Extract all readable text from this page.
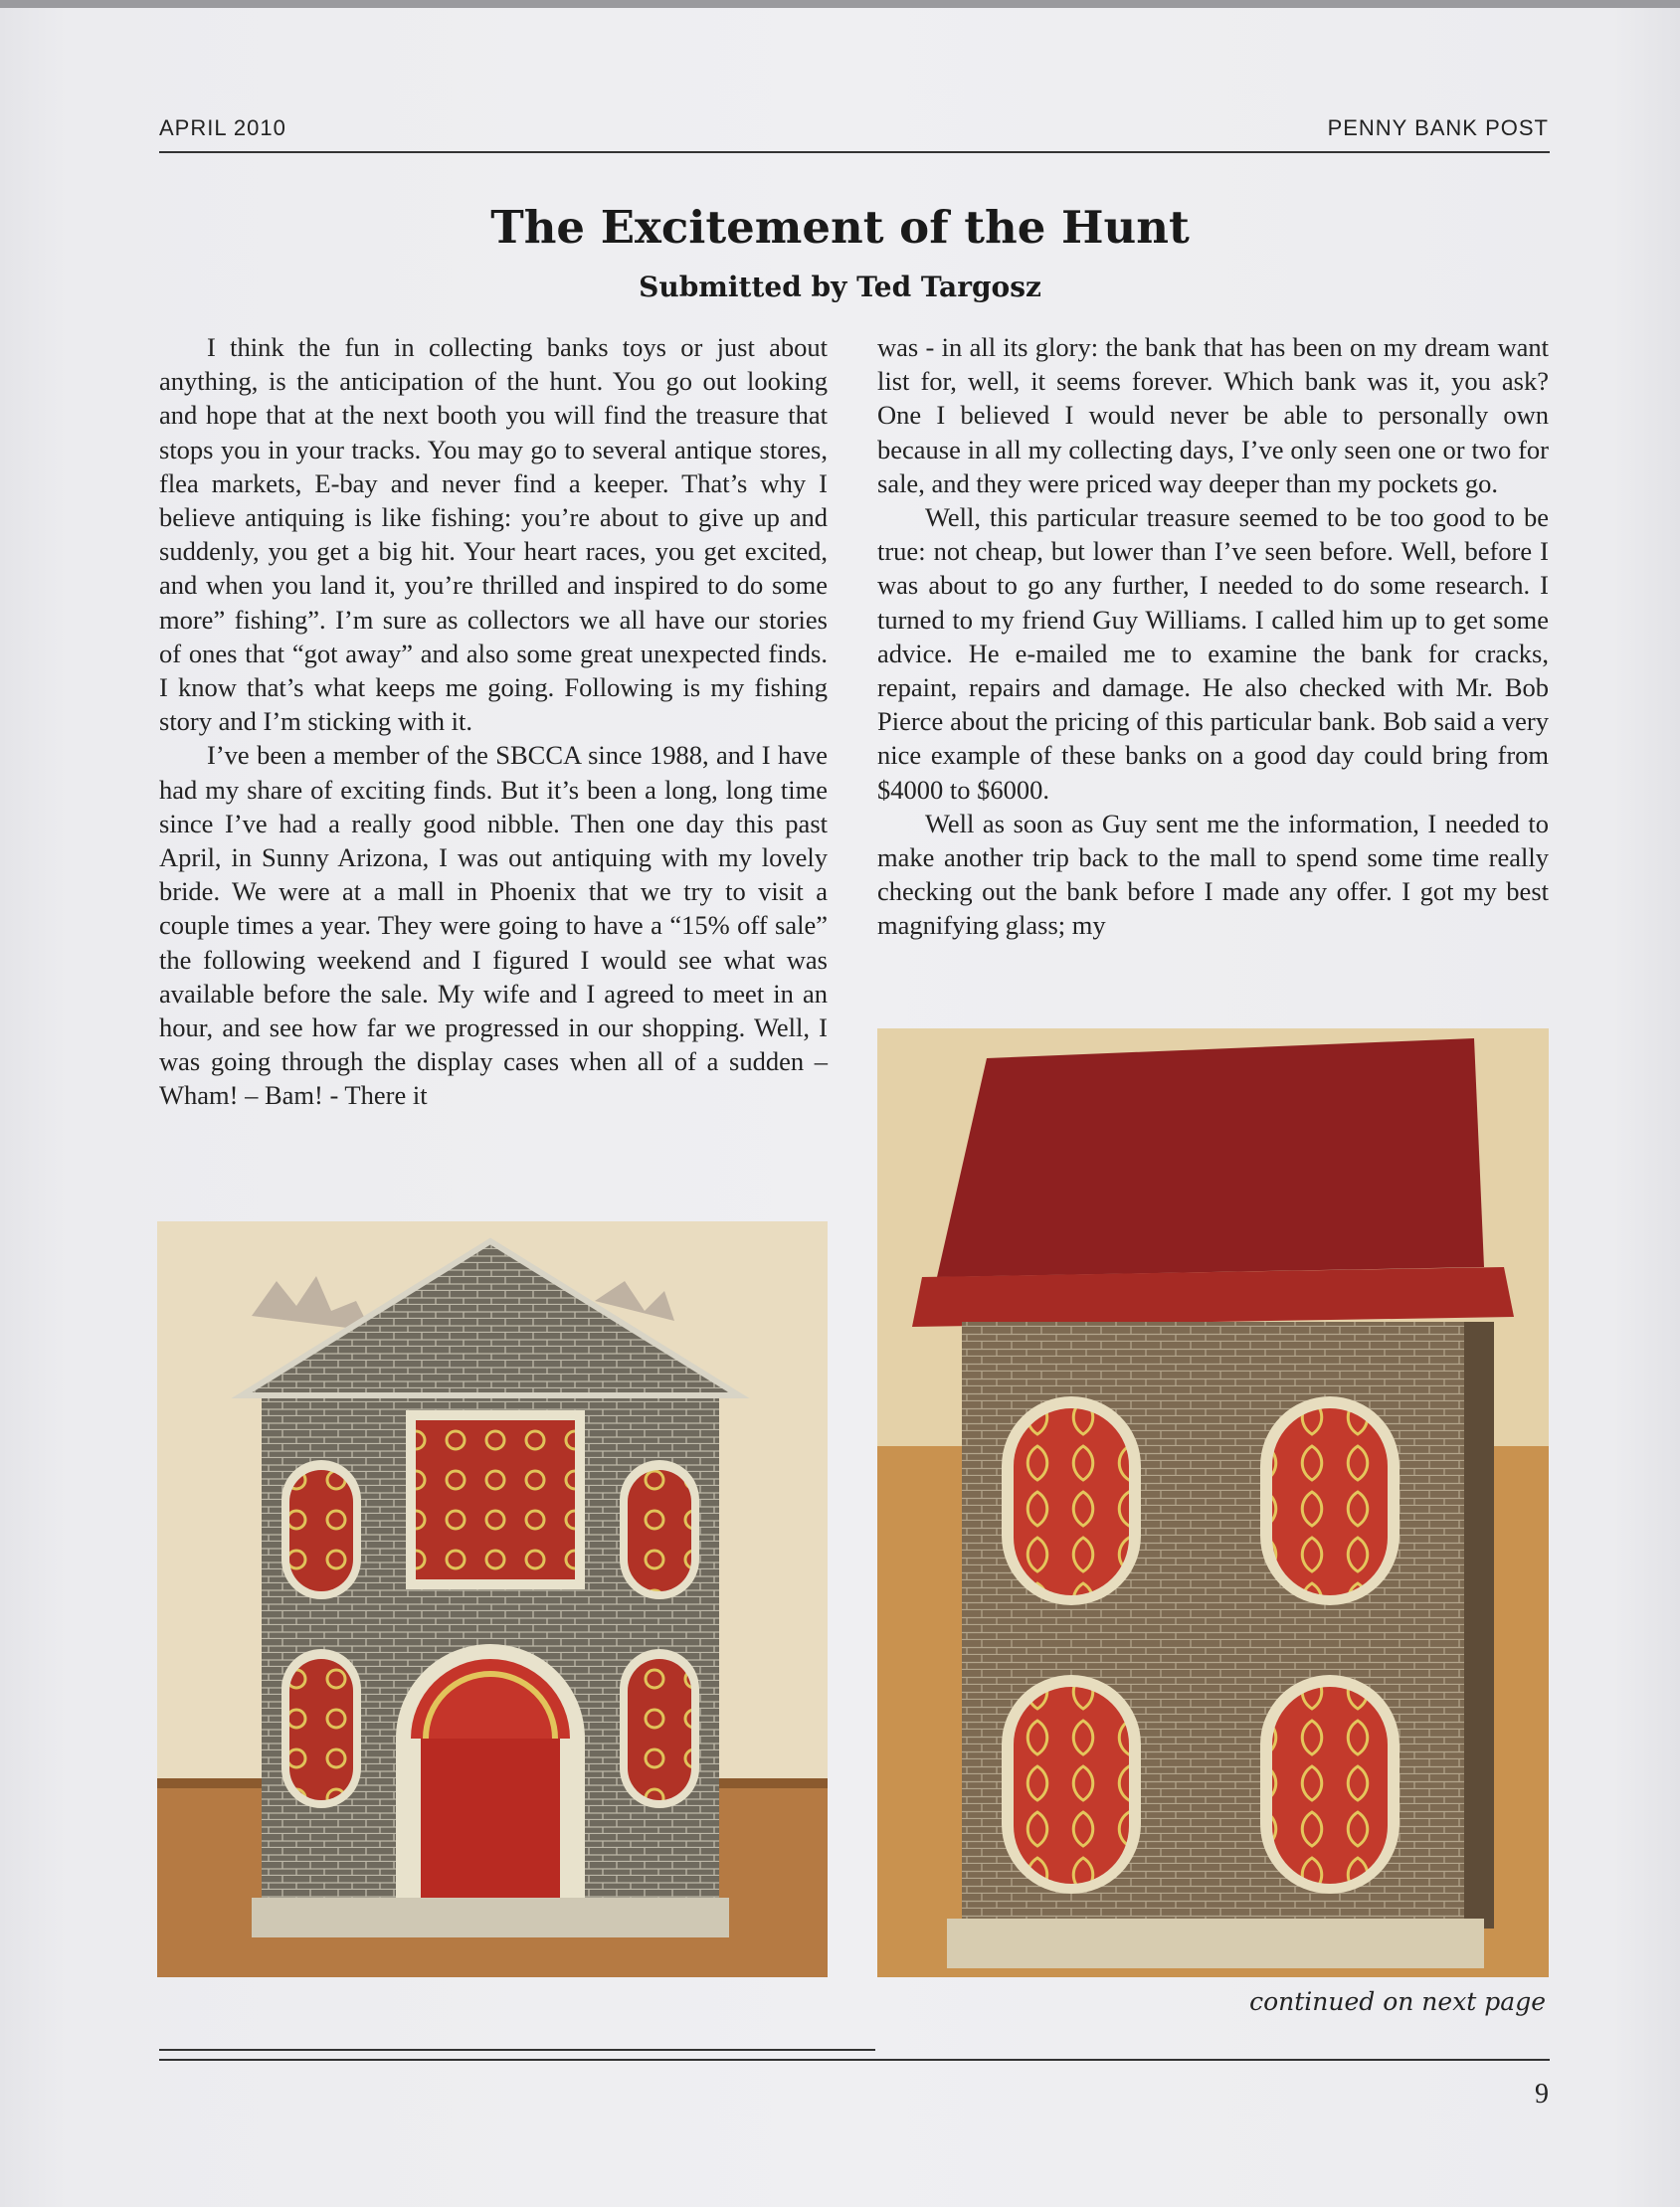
APRIL 2010	PENNY BANK POST
The Excitement of the Hunt
Submitted by Ted Targosz

I think the fun in collecting banks toys or just about anything, is the anticipation of the hunt. You go out looking and hope that at the next booth you will find the treasure that stops you in your tracks. You may go to several antique stores, flea markets, E-bay and never find a keeper. That’s why I believe antiquing is like fishing: you’re about to give up and suddenly, you get a big hit. Your heart races, you get excited, and when you land it, you’re thrilled and inspired to do some more” fishing”. I’m sure as collectors we all have our stories of ones that “got away” and also some great unexpected finds. I know that’s what keeps me going. Following is my fishing story and I’m sticking with it.

I’ve been a member of the SBCCA since 1988, and I have had my share of exciting finds. But it’s been a long, long time since I’ve had a really good nibble. Then one day this past April, in Sunny Arizona, I was out antiquing with my lovely bride. We were at a mall in Phoenix that we try to visit a couple times a year. They were going to have a “15% off sale” the following weekend and I figured I would see what was available before the sale. My wife and I agreed to meet in an hour, and see how far we progressed in our shopping. Well, I was going through the display cases when all of a sudden – Wham! – Bam! - There it

was - in all its glory: the bank that has been on my dream want list for, well, it seems forever. Which bank was it, you ask? One I believed I would never be able to personally own because in all my collecting days, I’ve only seen one or two for sale, and they were priced way deeper than my pockets go.

Well, this particular treasure seemed to be too good to be true: not cheap, but lower than I’ve seen before. Well, before I was about to go any further, I needed to do some research. I turned to my friend Guy Williams. I called him up to get some advice. He e-mailed me to examine the bank for cracks, repaint, repairs and damage. He also checked with Mr. Bob Pierce about the pricing of this particular bank. Bob said a very nice example of these banks on a good day could bring from $4000 to $6000.

Well as soon as Guy sent me the information, I needed to make another trip back to the mall to spend some time really checking out the bank before I made any offer. I got my best magnifying glass; my

continued on next page
9
